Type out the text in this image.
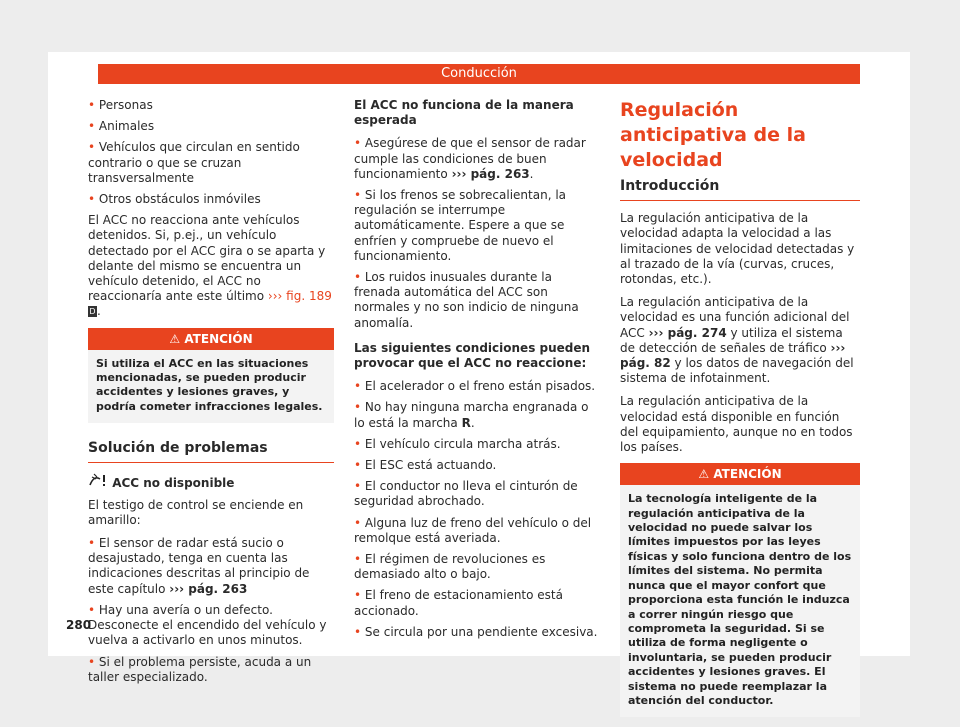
Conducción
• Personas
• Animales
• Vehículos que circulan en sentido contrario o que se cruzan transversalmente
• Otros obstáculos inmóviles

El ACC no reacciona ante vehículos detenidos. Si, p.ej., un vehículo detectado por el ACC gira o se aparta y delante del mismo se encuentra un vehículo detenido, el ACC no reaccionaría ante este último ››› fig. 189 D.

⚠ ATENCIÓN
Si utiliza el ACC en las situaciones mencionadas, se pueden producir accidentes y lesiones graves, y podría cometer infracciones legales.
Solución de problemas
ACC no disponible

El testigo de control se enciende en amarillo:

• El sensor de radar está sucio o desajustado, tenga en cuenta las indicaciones descritas al principio de este capítulo ››› pág. 263
• Hay una avería o un defecto. Desconecte el encendido del vehículo y vuelva a activarlo en unos minutos.
• Si el problema persiste, acuda a un taller especializado.
El ACC no funciona de la manera esperada
• Asegúrese de que el sensor de radar cumple las condiciones de buen funcionamiento ››› pág. 263.
• Si los frenos se sobrecalientan, la regulación se interrumpe automáticamente. Espere a que se enfríen y compruebe de nuevo el funcionamiento.
• Los ruidos inusuales durante la frenada automática del ACC son normales y no son indicio de ninguna anomalía.
Las siguientes condiciones pueden provocar que el ACC no reaccione:
• El acelerador o el freno están pisados.
• No hay ninguna marcha engranada o lo está la marcha R.
• El vehículo circula marcha atrás.
• El ESC está actuando.
• El conductor no lleva el cinturón de seguridad abrochado.
• Alguna luz de freno del vehículo o del remolque está averiada.
• El régimen de revoluciones es demasiado alto o bajo.
• El freno de estacionamiento está accionado.
• Se circula por una pendiente excesiva.
Regulación anticipativa de la velocidad
Introducción

La regulación anticipativa de la velocidad adapta la velocidad a las limitaciones de velocidad detectadas y al trazado de la vía (curvas, cruces, rotondas, etc.).

La regulación anticipativa de la velocidad es una función adicional del ACC ››› pág. 274 y utiliza el sistema de detección de señales de tráfico ››› pág. 82 y los datos de navegación del sistema de infotainment.

La regulación anticipativa de la velocidad está disponible en función del equipamiento, aunque no en todos los países.

⚠ ATENCIÓN
La tecnología inteligente de la regulación anticipativa de la velocidad no puede salvar los límites impuestos por las leyes físicas y solo funciona dentro de los límites del sistema. No permita nunca que el mayor confort que proporciona esta función le induzca a correr ningún riesgo que comprometa la seguridad. Si se utiliza de forma negligente o involuntaria, se pueden producir accidentes y lesiones graves. El sistema no puede reemplazar la atención del conductor.
280
